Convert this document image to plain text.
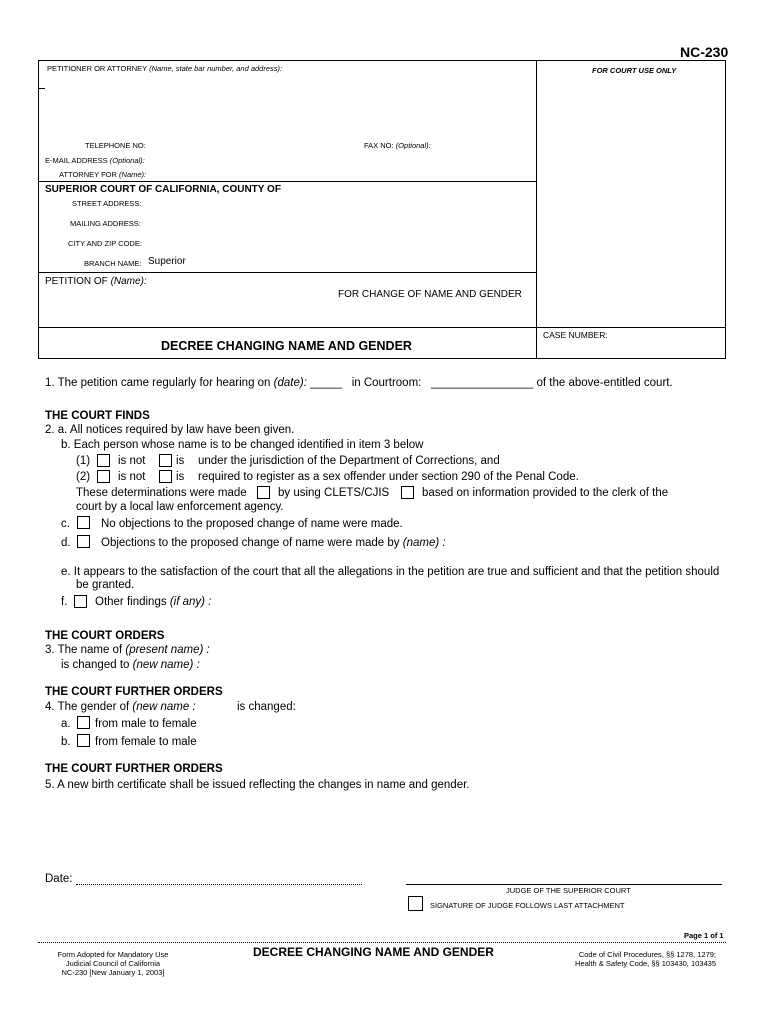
NC-230
PETITIONER OR ATTORNEY (Name, state bar number, and address):	FOR COURT USE ONLY
TELEPHONE NO:	FAX NO: (Optional):
E-MAIL ADDRESS (Optional):
ATTORNEY FOR (Name):
SUPERIOR COURT OF CALIFORNIA, COUNTY OF
STREET ADDRESS:
MAILING ADDRESS:
CITY AND ZIP CODE:
BRANCH NAME: Superior
PETITION OF (Name):
FOR CHANGE OF NAME AND GENDER
CASE NUMBER:
DECREE CHANGING NAME AND GENDER
1. The petition came regularly for hearing on (date): _____ in Courtroom: ________________ of the above-entitled court.
THE COURT FINDS
2. a. All notices required by law have been given.
b. Each person whose name is to be changed identified in item 3 below
(1) is not	is under the jurisdiction of the Department of Corrections, and
(2) is not	is required to register as a sex offender under section 290 of the Penal Code.
These determinations were made	by using CLETS/CJIS	based on information provided to the clerk of the
court by a local law enforcement agency.
c.	No objections to the proposed change of name were made.
d.	Objections to the proposed change of name were made by (name) :
e. It appears to the satisfaction of the court that all the allegations in the petition are true and sufficient and that the petition should
be granted.
f. Other findings (if any) :
THE COURT ORDERS
3. The name of (present name) :
is changed to (new name) :
THE COURT FURTHER ORDERS
4. The gender of (new name :	is changed:
a. from male to female
b. from female to male
THE COURT FURTHER ORDERS
5. A new birth certificate shall be issued reflecting the changes in name and gender.
Date:
JUDGE OF THE SUPERIOR COURT
SIGNATURE OF JUDGE FOLLOWS LAST ATTACHMENT
Page 1 of 1
Form Adopted for Mandatory Use
Judicial Council of California
NC-230 [New January 1, 2003]
DECREE CHANGING NAME AND GENDER	Code of Civil Procedures, §§ 1278, 1279;
Health & Safety Code, §§ 103430, 103435
